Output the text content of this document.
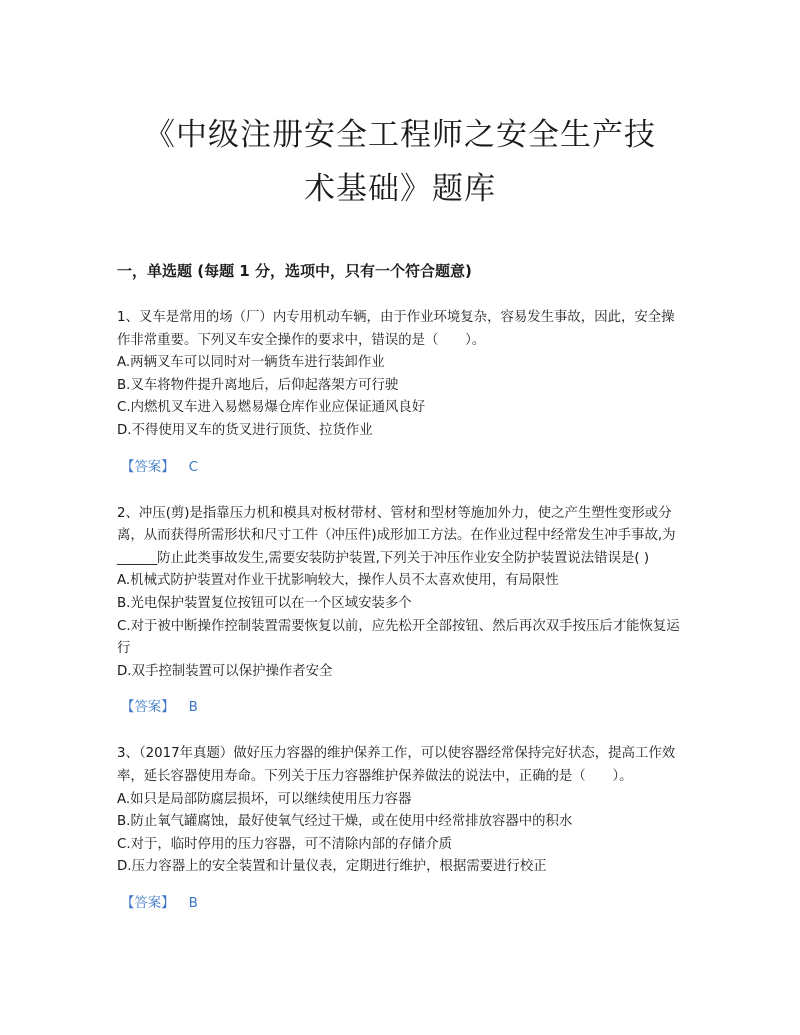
《中级注册安全工程师之安全生产技
术基础》题库
一，单选题 (每题 1 分，选项中，只有一个符合题意)

1、叉车是常用的场（厂）内专用机动车辆，由于作业环境复杂，容易发生事故，因此，安全操作非常重要。下列叉车安全操作的要求中，错误的是（　　）。

A.两辆叉车可以同时对一辆货车进行装卸作业

B.叉车将物件提升离地后，后仰起落架方可行驶

C.内燃机叉车进入易燃易爆仓库作业应保证通风良好

D.不得使用叉车的货叉进行顶货、拉货作业

【答案】 C

2、冲压(剪)是指靠压力机和模具对板材带材、管材和型材等施加外力，使之产生塑性变形或分离，从而获得所需形状和尺寸工件（冲压件)成形加工方法。在作业过程中经常发生冲手事故,为______防止此类事故发生,需要安装防护装置,下列关于冲压作业安全防护装置说法错误是( )

A.机械式防护装置对作业干扰影响较大，操作人员不太喜欢使用，有局限性

B.光电保护装置复位按钮可以在一个区域安装多个

C.对于被中断操作控制装置需要恢复以前，应先松开全部按钮、然后再次双手按压后才能恢复运行

D.双手控制装置可以保护操作者安全

【答案】 B

3、（2017年真题）做好压力容器的维护保养工作，可以使容器经常保持完好状态，提高工作效率，延长容器使用寿命。下列关于压力容器维护保养做法的说法中，正确的是（　　）。

A.如只是局部防腐层损坏，可以继续使用压力容器

B.防止氧气罐腐蚀，最好使氧气经过干燥，或在使用中经常排放容器中的积水

C.对于，临时停用的压力容器，可不清除内部的存储介质

D.压力容器上的安全装置和计量仪表，定期进行维护，根据需要进行校正

【答案】 B
